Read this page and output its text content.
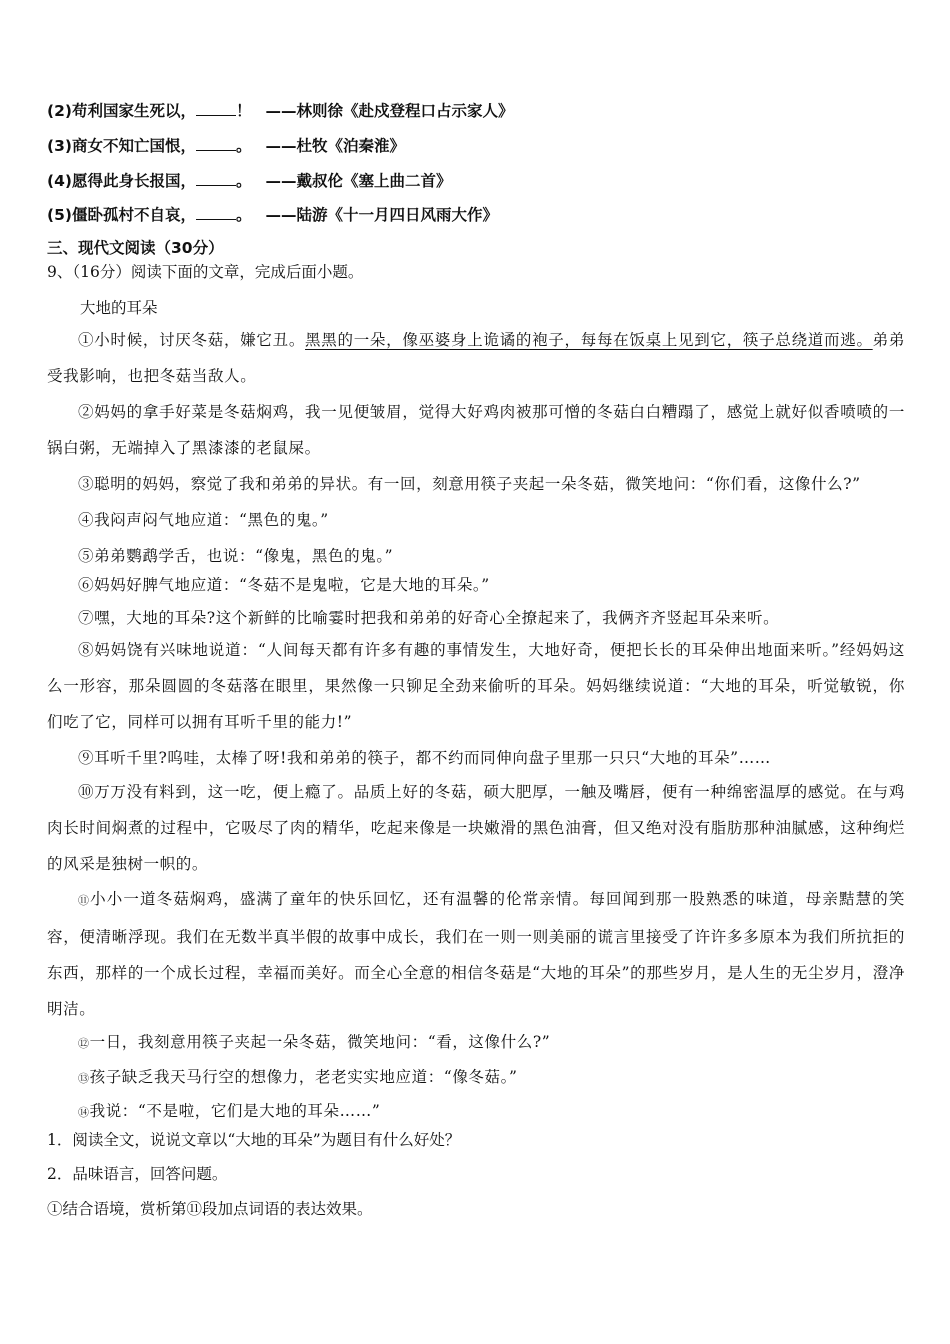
(2)苟利国家生死以，	！ ——林则徐《赴戍登程口占示家人》
(3)商女不知亡国恨，	。 ——杜牧《泊秦淮》
(4)愿得此身长报国，	。 ——戴叔伦《塞上曲二首》
(5)僵卧孤村不自哀，	。 ——陆游《十一月四日风雨大作》
三、现代文阅读（30分）
9、（16分）阅读下面的文章，完成后面小题。
大地的耳朵
①小时候，讨厌冬菇，嫌它丑。黑黑的一朵，像巫婆身上诡谲的袍子，每每在饭桌上见到它，筷子总绕道而逃。弟弟受我影响，也把冬菇当敌人。
②妈妈的拿手好菜是冬菇焖鸡，我一见便皱眉，觉得大好鸡肉被那可憎的冬菇白白糟蹋了，感觉上就好似香喷喷的一锅白粥，无端掉入了黑漆漆的老鼠屎。
③聪明的妈妈，察觉了我和弟弟的异状。有一回，刻意用筷子夹起一朵冬菇，微笑地问：“你们看，这像什么?”
④我闷声闷气地应道：“黑色的鬼。”
⑤弟弟鹦鹉学舌，也说：“像鬼，黑色的鬼。”
⑥妈妈好脾气地应道：“冬菇不是鬼啦，它是大地的耳朵。”
⑦嘿，大地的耳朵?这个新鲜的比喻霎时把我和弟弟的好奇心全撩起来了，我俩齐齐竖起耳朵来听。
⑧妈妈饶有兴味地说道：“人间每天都有许多有趣的事情发生，大地好奇，便把长长的耳朵伸出地面来听。”经妈妈这么一形容，那朵圆圆的冬菇落在眼里，果然像一只铆足全劲来偷听的耳朵。妈妈继续说道：“大地的耳朵，听觉敏锐，你们吃了它，同样可以拥有耳听千里的能力!”
⑨耳听千里?呜哇，太棒了呀!我和弟弟的筷子，都不约而同伸向盘子里那一只只“大地的耳朵”……
⑩万万没有料到，这一吃，便上瘾了。品质上好的冬菇，硕大肥厚，一触及嘴唇，便有一种绵密温厚的感觉。在与鸡肉长时间焖煮的过程中，它吸尽了肉的精华，吃起来像是一块嫩滑的黑色油膏，但又绝对没有脂肪那种油腻感，这种绚烂的风采是独树一帜的。
⑪小小一道冬菇焖鸡，盛满了童年的快乐回忆，还有温馨的伦常亲情。每回闻到那一股熟悉的味道，母亲黠慧的笑容，便清晰浮现。我们在无数半真半假的故事中成长，我们在一则一则美丽的谎言里接受了许许多多原本为我们所抗拒的东西，那样的一个成长过程，幸福而美好。而全心全意的相信冬菇是“大地的耳朵”的那些岁月，是人生的无尘岁月，澄净明洁。
⑫一日，我刻意用筷子夹起一朵冬菇，微笑地问：“看，这像什么?”
⑬孩子缺乏我天马行空的想像力，老老实实地应道：“像冬菇。”
⑭我说：“不是啦，它们是大地的耳朵……”
1．阅读全文，说说文章以“大地的耳朵”为题目有什么好处？
2．品味语言，回答问题。
①结合语境，赏析第⑪段加点词语的表达效果。
